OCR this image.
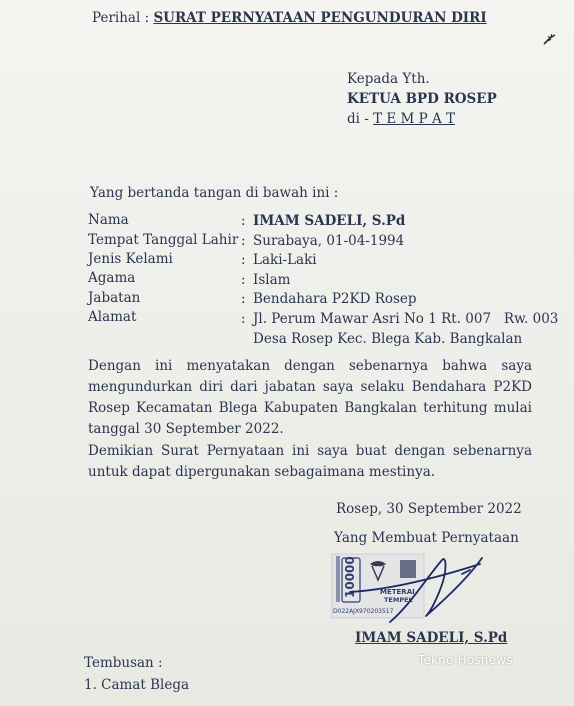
Perihal : SURAT PERNYATAAN PENGUNDURAN DIRI
Kepada Yth.
KETUA BPD ROSEP
di - T E M P A T
Yang bertanda tangan di bawah ini :
Nama	: IMAM SADELI, S.Pd
Tempat Tanggal Lahir : Surabaya, 01-04-1994
Jenis Kelami	: Laki-Laki
Agama	: Islam
Jabatan	: Bendahara P2KD Rosep
Alamat	: Jl. Perum Mawar Asri No 1 Rt. 007   Rw. 003
Desa Rosep Kec. Blega Kab. Bangkalan
Dengan ini menyatakan dengan sebenarnya bahwa saya mengundurkan diri dari jabatan saya selaku Bendahara P2KD Rosep Kecamatan Blega Kabupaten Bangkalan terhitung mulai tanggal 30 September 2022.
Demikian Surat Pernyataan ini saya buat dengan sebenarnya untuk dapat dipergunakan sebagaimana mestinya.
Rosep, 30 September 2022
Yang Membuat Pernyataan
10000	METERAI
TEMPEL
D022AJX970203517
IMAM SADELI, S.Pd
Tembusan :
1. Camat Blega
Tekno Hosnews
